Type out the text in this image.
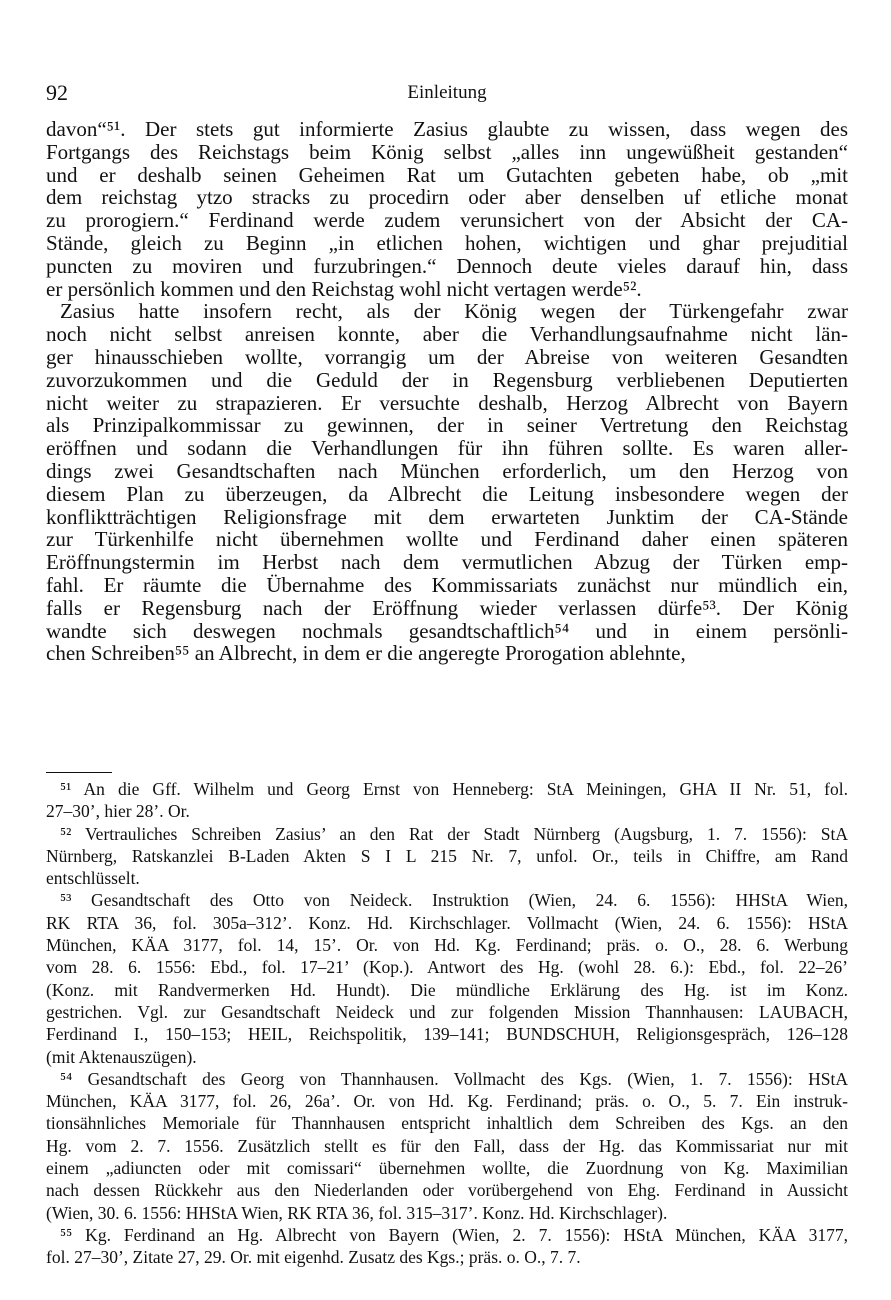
92	Einleitung
davon“⁵¹. Der stets gut informierte Zasius glaubte zu wissen, dass wegen des
Fortgangs des Reichstags beim König selbst „alles inn ungewüßheit gestanden“
und er deshalb seinen Geheimen Rat um Gutachten gebeten habe, ob „mit
dem reichstag ytzo stracks zu procedirn oder aber denselben uf etliche monat
zu prorogiern.“ Ferdinand werde zudem verunsichert von der Absicht der CA-
Stände, gleich zu Beginn „in etlichen hohen, wichtigen und ghar prejuditial
puncten zu moviren und furzubringen.“ Dennoch deute vieles darauf hin, dass
er persönlich kommen und den Reichstag wohl nicht vertagen werde⁵².
Zasius hatte insofern recht, als der König wegen der Türkengefahr zwar
noch nicht selbst anreisen konnte, aber die Verhandlungsaufnahme nicht län-
ger hinausschieben wollte, vorrangig um der Abreise von weiteren Gesandten
zuvorzukommen und die Geduld der in Regensburg verbliebenen Deputierten
nicht weiter zu strapazieren. Er versuchte deshalb, Herzog Albrecht von Bayern
als Prinzipalkommissar zu gewinnen, der in seiner Vertretung den Reichstag
eröffnen und sodann die Verhandlungen für ihn führen sollte. Es waren aller-
dings zwei Gesandtschaften nach München erforderlich, um den Herzog von
diesem Plan zu überzeugen, da Albrecht die Leitung insbesondere wegen der
konfliktträchtigen Religionsfrage mit dem erwarteten Junktim der CA-Stände
zur Türkenhilfe nicht übernehmen wollte und Ferdinand daher einen späteren
Eröffnungstermin im Herbst nach dem vermutlichen Abzug der Türken emp-
fahl. Er räumte die Übernahme des Kommissariats zunächst nur mündlich ein,
falls er Regensburg nach der Eröffnung wieder verlassen dürfe⁵³. Der König
wandte sich deswegen nochmals gesandtschaftlich⁵⁴ und in einem persönli-
chen Schreiben⁵⁵ an Albrecht, in dem er die angeregte Prorogation ablehnte,
⁵¹ An die Gff. Wilhelm und Georg Ernst von Henneberg: StA Meiningen, GHA II Nr. 51, fol.
27–30’, hier 28’. Or.
⁵² Vertrauliches Schreiben Zasius’ an den Rat der Stadt Nürnberg (Augsburg, 1. 7. 1556): StA
Nürnberg, Ratskanzlei B-Laden Akten S I L 215 Nr. 7, unfol. Or., teils in Chiffre, am Rand
entschlüsselt.
⁵³ Gesandtschaft des Otto von Neideck. Instruktion (Wien, 24. 6. 1556): HHStA Wien,
RK RTA 36, fol. 305a–312’. Konz. Hd. Kirchschlager. Vollmacht (Wien, 24. 6. 1556): HStA
München, KÄA 3177, fol. 14, 15’. Or. von Hd. Kg. Ferdinand; präs. o. O., 28. 6. Werbung
vom 28. 6. 1556: Ebd., fol. 17–21’ (Kop.). Antwort des Hg. (wohl 28. 6.): Ebd., fol. 22–26’
(Konz. mit Randvermerken Hd. Hundt). Die mündliche Erklärung des Hg. ist im Konz.
gestrichen. Vgl. zur Gesandtschaft Neideck und zur folgenden Mission Thannhausen: LAUBACH,
Ferdinand I., 150–153; HEIL, Reichspolitik, 139–141; BUNDSCHUH, Religionsgespräch, 126–128
(mit Aktenauszügen).
⁵⁴ Gesandtschaft des Georg von Thannhausen. Vollmacht des Kgs. (Wien, 1. 7. 1556): HStA
München, KÄA 3177, fol. 26, 26a’. Or. von Hd. Kg. Ferdinand; präs. o. O., 5. 7. Ein instruk-
tionsähnliches Memoriale für Thannhausen entspricht inhaltlich dem Schreiben des Kgs. an den
Hg. vom 2. 7. 1556. Zusätzlich stellt es für den Fall, dass der Hg. das Kommissariat nur mit
einem „adiuncten oder mit comissari“ übernehmen wollte, die Zuordnung von Kg. Maximilian
nach dessen Rückkehr aus den Niederlanden oder vorübergehend von Ehg. Ferdinand in Aussicht
(Wien, 30. 6. 1556: HHStA Wien, RK RTA 36, fol. 315–317’. Konz. Hd. Kirchschlager).
⁵⁵ Kg. Ferdinand an Hg. Albrecht von Bayern (Wien, 2. 7. 1556): HStA München, KÄA 3177,
fol. 27–30’, Zitate 27, 29. Or. mit eigenhd. Zusatz des Kgs.; präs. o. O., 7. 7.
